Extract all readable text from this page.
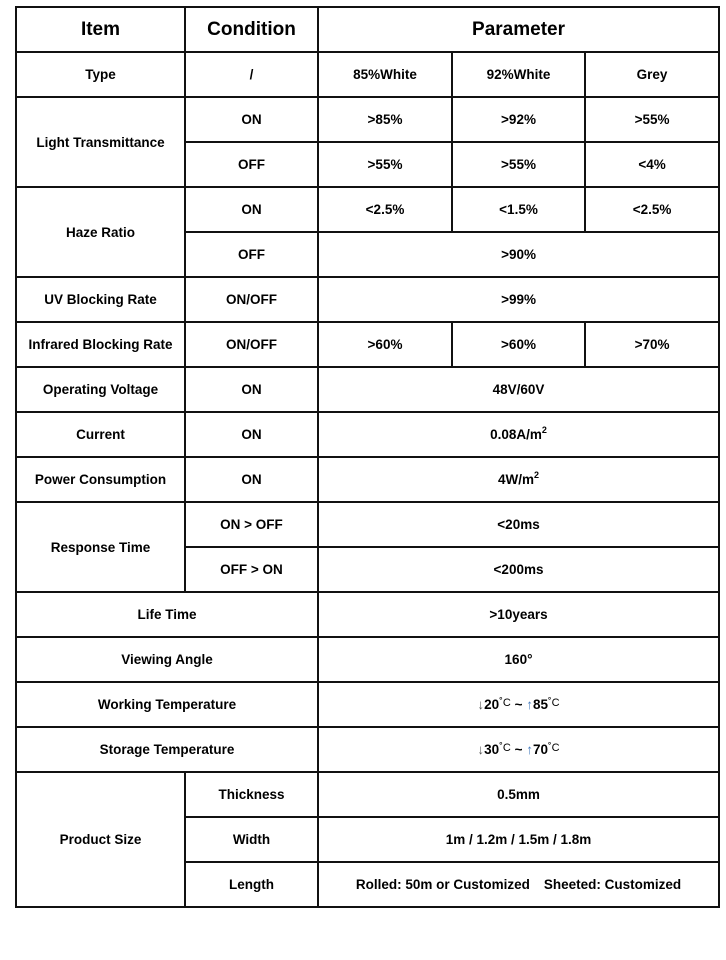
Item	Condition	Parameter		
Type	/	85%White	92%White	Grey
Light Transmittance	ON	>85%	>92%	>55%
	OFF	>55%	>55%	<4%
Haze Ratio	ON	<2.5%	<1.5%	<2.5%
	OFF	>90%		
UV Blocking Rate	ON/OFF	>99%		
Infrared Blocking Rate	ON/OFF	>60%	>60%	>70%
Operating Voltage	ON	48V/60V		
Current	ON	$0.08A/m^2$
Power Consumption	ON	$4W/m^2$
Response Time	ON > OFF	<20ms		
	OFF > ON	<200ms		
Life Time		>10years		
Viewing Angle		160°		
Working Temperature		$↓20^{˚C}$ ~ $↑85^{˚C}$
Storage Temperature		$↓30^{˚C}$ ~ $↑70^{˚C}$
Product Size	Thickness	0.5mm		
	Width	1m / 1.2m / 1.5m / 1.8m		
	Length	Rolled: 50m or Customized Sheeted: Customized		
